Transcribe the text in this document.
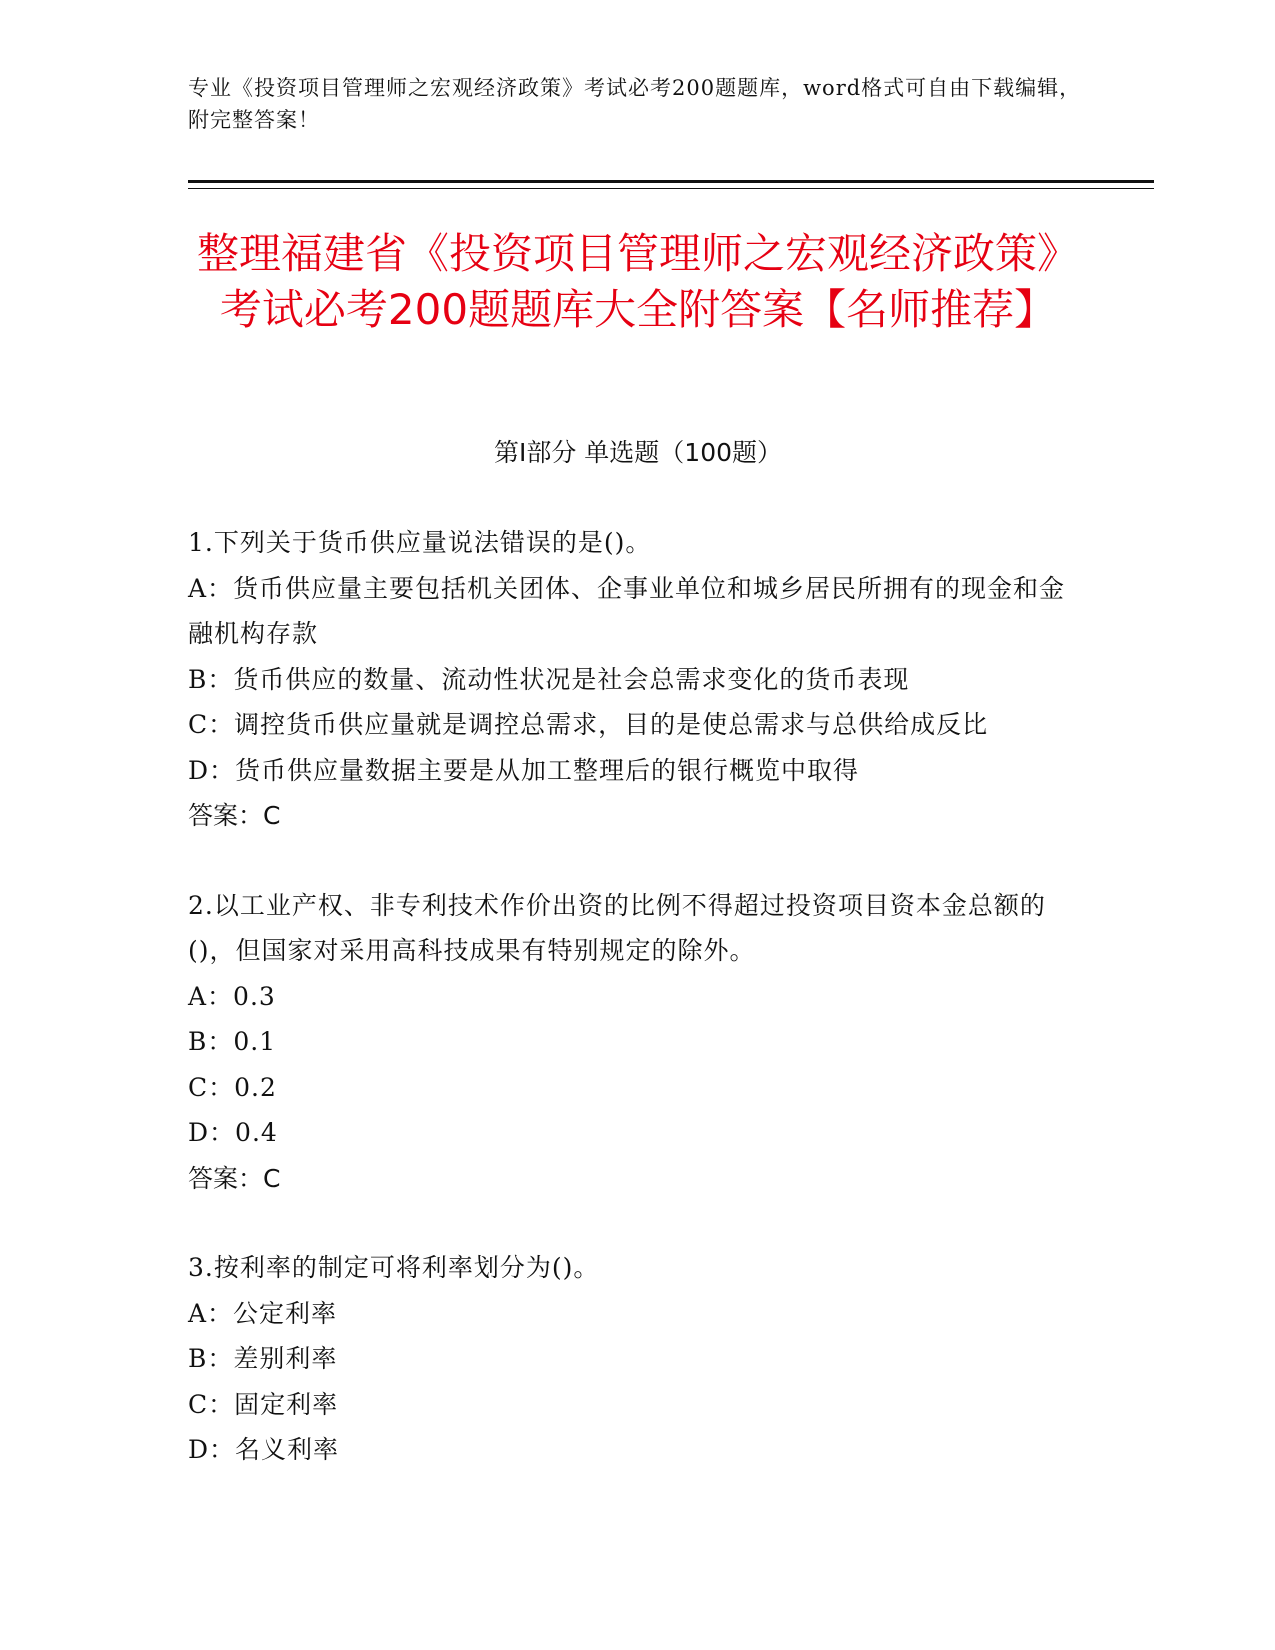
专业《投资项目管理师之宏观经济政策》考试必考200题题库，word格式可自由下载编辑，附完整答案！
整理福建省《投资项目管理师之宏观经济政策》考试必考200题题库大全附答案【名师推荐】
第I部分 单选题（100题）
1.下列关于货币供应量说法错误的是()。
A：货币供应量主要包括机关团体、企事业单位和城乡居民所拥有的现金和金融机构存款
B：货币供应的数量、流动性状况是社会总需求变化的货币表现
C：调控货币供应量就是调控总需求，目的是使总需求与总供给成反比
D：货币供应量数据主要是从加工整理后的银行概览中取得
答案：C
2.以工业产权、非专利技术作价出资的比例不得超过投资项目资本金总额的()，但国家对采用高科技成果有特别规定的除外。
A：0.3
B：0.1
C：0.2
D：0.4
答案：C
3.按利率的制定可将利率划分为()。
A：公定利率
B：差别利率
C：固定利率
D：名义利率
